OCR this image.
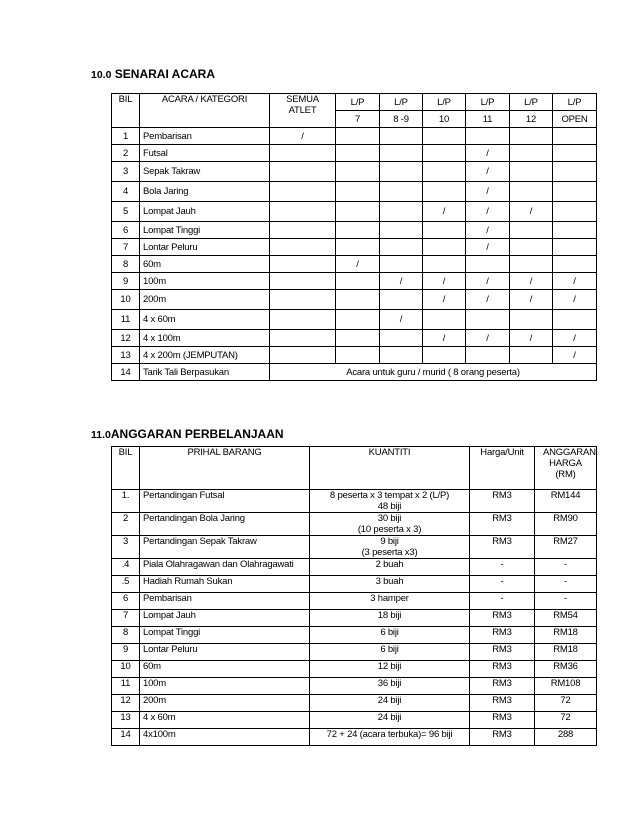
10.0 SENARAI ACARA
BIL	ACARA / KATEGORI	SEMUA ATLET	L/P	L/P	L/P	L/P	L/P	L/P
			7	8 -9	10	11	12	OPEN
1	Pembarisan	/						
2	Futsal					/		
3	Sepak Takraw					/		
4	Bola Jaring					/		
5	Lompat Jauh				/	/	/	
6	Lompat Tinggi					/		
7	Lontar Peluru					/		
8	60m		/					
9	100m			/	/	/	/	/
10	200m				/	/	/	/
11	4 x 60m			/				
12	4 x 100m				/	/	/	/
13	4 x 200m (JEMPUTAN)							/
14	Tarik Tali Berpasukan	Acara untuk guru / murid ( 8 orang peserta)						
11.0ANGGARAN PERBELANJAAN
BIL	PRIHAL BARANG	KUANTITI	Harga/Unit	ANGGARAN HARGA (RM)
1.	Pertandingan Futsal	8 peserta x 3 tempat x 2 (L/P)
48 biji	RM3	RM144
2	Pertandingan Bola Jaring	30 biji
(10 peserta x 3)	RM3	RM90
3	Pertandingan Sepak Takraw	9 biji
(3 peserta x3)	RM3	RM27
.4	Piala Olahragawan dan Olahragawati	2 buah	-	-
.5	Hadiah Rumah Sukan	3 buah	-	-
6	Pembarisan	3 hamper	-	-
7	Lompat Jauh	18 biji	RM3	RM54
8	Lompat Tinggi	6 biji	RM3	RM18
9	Lontar Peluru	6 biji	RM3	RM18
10	60m	12 biji	RM3	RM36
11	100m	36 biji	RM3	RM108
12	200m	24 biji	RM3	72
13	4 x 60m	24 biji	RM3	72
14	4x100m	72 + 24 (acara terbuka)= 96 biji	RM3	288
